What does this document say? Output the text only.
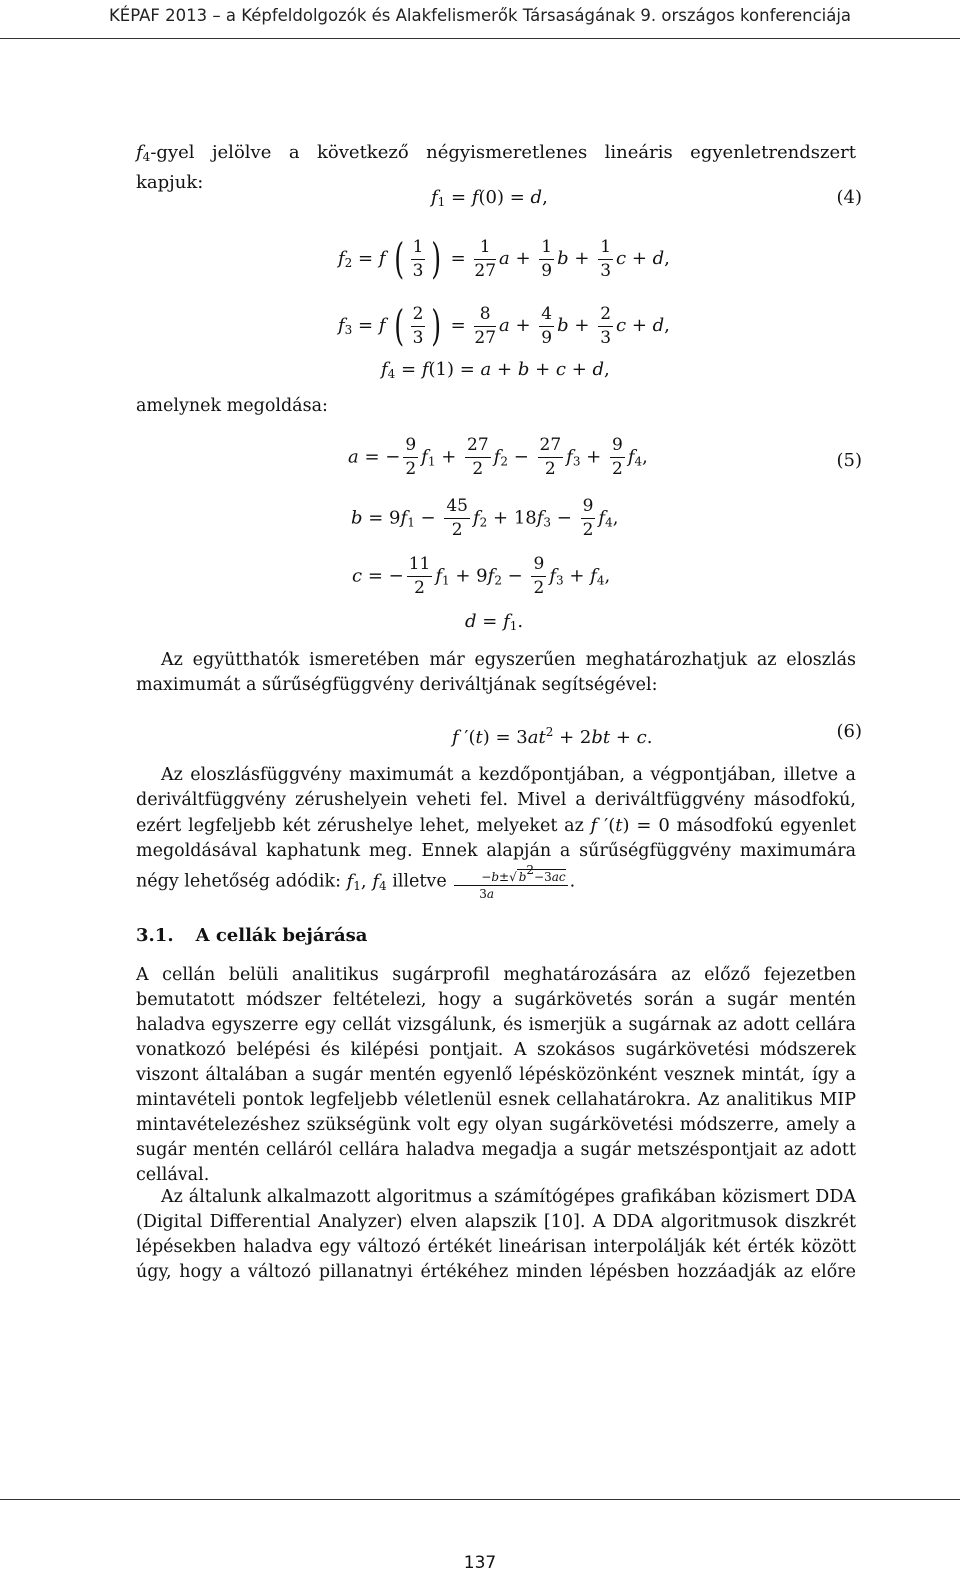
KÉPAF 2013 – a Képfeldolgozók és Alakfelismerők Társaságának 9. országos konferenciája
$f_4$-gyel jelölve a következő négyismeretlenes lineáris egyenletrendszert kapjuk:
$f_1 = f(0) = d$,	(4)
$f_2 = f$ ( $\frac{1}{3}$ ) = $\frac{1}{27}$ $a + \frac{1}{9}$ $b + \frac{1}{3}$ c + d,
$f_3 = f$ ( $\frac{2}{3}$ ) = $\frac{8}{27}$ $a + \frac{4}{9}$ $b + \frac{2}{3}$ c + d,
$f_4 = f(1) = a + b + c + d$,
amelynek megoldása:
a = − $\frac{9}{2} f_1 + \frac{27}{2} f_2 - \frac{27}{2} f_3 + \frac{9}{2} f_4$,	(5)
$b = 9f_1 - \frac{45}{2} f_2 + 18f_3 - \frac{9}{2} f_4$,
c = − $\frac{11}{2} f_1 + 9f_2 - \frac{9}{2} f_3 + f_4$,
$d = f_1$.

Az együtthatók ismeretében már egyszerűen meghatározhatjuk az eloszlás maximumát a sűrűségfüggvény deriváltjának segítségével:

f $'(t) = 3at^2 + 2bt + c$.	(6)

Az eloszlásfüggvény maximumát a kezdőpontjában, a végpontjában, illetve a deriváltfüggvény zérushelyein veheti fel. Mivel a deriváltfüggvény másodfokú, ezért legfeljebb két zérushelye lehet, melyeket az f ′(t) = 0 másodfokú egyenlet megoldásával kaphatunk meg. Ennek alapján a sűrűségfüggvény maximumára négy lehetőség adódik: $f_1$, $f_4$ illetve $\frac{-b\pm√ b^2-3ac}{3a}$ .

3.1. A cellák bejárása

A cellán belüli analitikus sugárprofil meghatározására az előző fejezetben bemutatott módszer feltételezi, hogy a sugárkövetés során a sugár mentén haladva egyszerre egy cellát vizsgálunk, és ismerjük a sugárnak az adott cellára vonatkozó belépési és kilépési pontjait. A szokásos sugárkövetési módszerek viszont általában a sugár mentén egyenlő lépésközönként vesznek mintát, így a mintavételi pontok legfeljebb véletlenül esnek cellahatárokra. Az analitikus MIP mintavételezéshez szükségünk volt egy olyan sugárkövetési módszerre, amely a sugár mentén celláról cellára haladva megadja a sugár metszéspontjait az adott cellával.

Az általunk alkalmazott algoritmus a számítógépes grafikában közismert DDA (Digital Differential Analyzer) elven alapszik [10]. A DDA algoritmusok diszkrét lépésekben haladva egy változó értékét lineárisan interpolálják két érték között úgy, hogy a változó pillanatnyi értékéhez minden lépésben hozzáadják az előre

137
